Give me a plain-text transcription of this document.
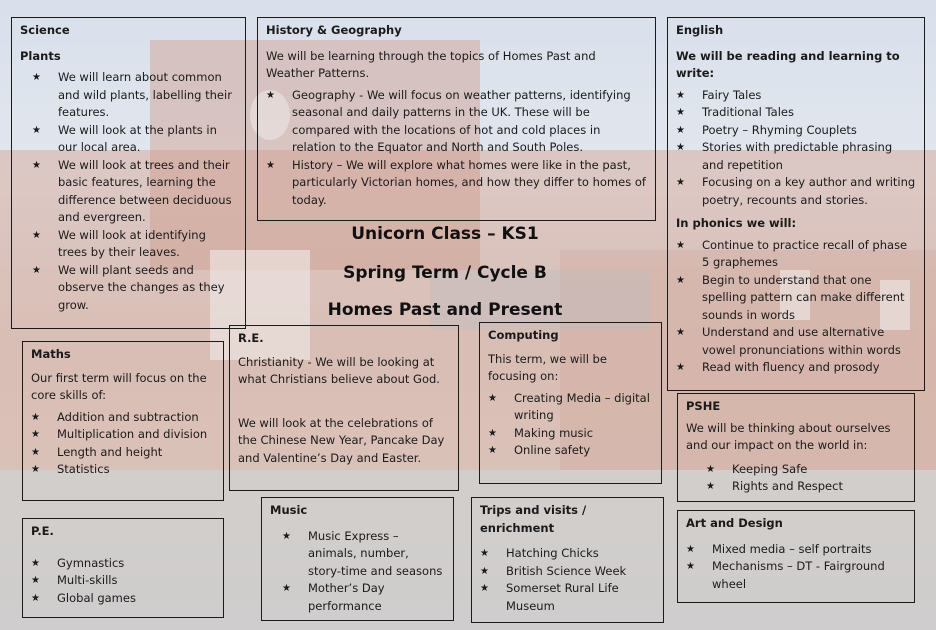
Science
Plants
★ We will learn about common and wild plants, labelling their features.
★ We will look at the plants in our local area.
★ We will look at trees and their basic features, learning the difference between deciduous and evergreen.
★ We will look at identifying trees by their leaves.
★ We will plant seeds and observe the changes as they grow.
History & Geography

We will be learning through the topics of Homes Past and Weather Patterns.

★ Geography - We will focus on weather patterns, identifying seasonal and daily patterns in the UK. These will be compared with the locations of hot and cold places in relation to the Equator and North and South Poles.
★ History – We will explore what homes were like in the past, particularly Victorian homes, and how they differ to homes of today.
English
We will be reading and learning to write:
★ Fairy Tales
★ Traditional Tales
★ Poetry – Rhyming Couplets
★ Stories with predictable phrasing and repetition
★ Focusing on a key author and writing poetry, recounts and stories.
In phonics we will:
★ Continue to practice recall of phase 5 graphemes
★ Begin to understand that one spelling pattern can make different sounds in words
★ Understand and use alternative vowel pronunciations within words
★ Read with fluency and prosody
Unicorn Class – KS1
Spring Term / Cycle B
Homes Past and Present
Maths

Our first term will focus on the core skills of:

★ Addition and subtraction
★ Multiplication and division
★ Length and height
★ Statistics
R.E.

Christianity - We will be looking at what Christians believe about God.

We will look at the celebrations of the Chinese New Year, Pancake Day and Valentine’s Day and Easter.

Computing

This term, we will be focusing on:

★ Creating Media – digital writing
★ Making music
★ Online safety
PSHE

We will be thinking about ourselves and our impact on the world in:

★ Keeping Safe
★ Rights and Respect
P.E.
★ Gymnastics
★ Multi-skills
★ Global games
Music
★ Music Express – animals, number, story-time and seasons
★ Mother’s Day performance
Trips and visits / enrichment
★ Hatching Chicks
★ British Science Week
★ Somerset Rural Life Museum
Art and Design
★ Mixed media – self portraits
★ Mechanisms – DT - Fairground wheel
